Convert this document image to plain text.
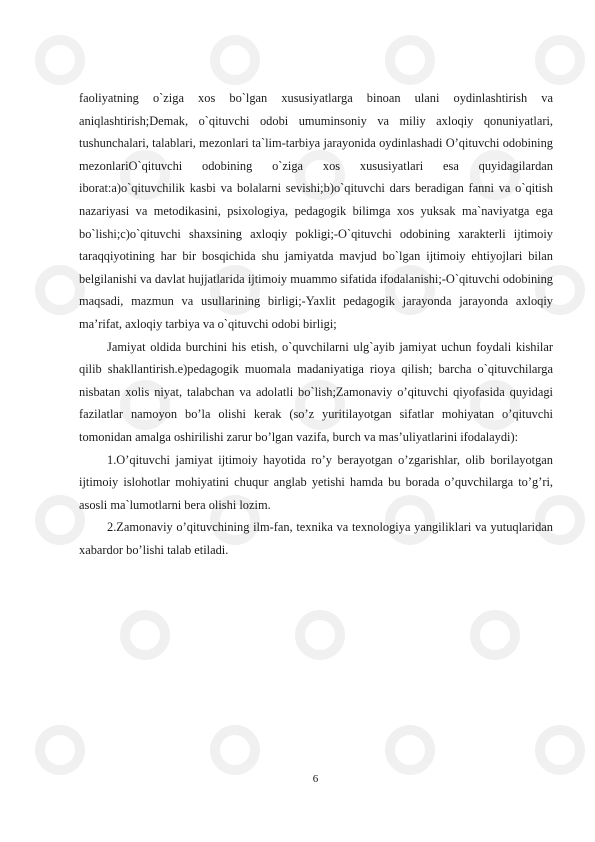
faoliyatning o`ziga xos bo`lgan xususiyatlarga binoan ulani oydinlashtirish va aniqlashtirish;Demak, o`qituvchi odobi umuminsoniy va miliy axloqiy qonuniyatlari, tushunchalari, talablari, mezonlari ta`lim-tarbiya jarayonida oydinlashadi O’qituvchi odobining mezonlariO`qituvchi odobining o`ziga xos xususiyatlari esa quyidagilardan iborat:a)o`qituvchilik kasbi va bolalarni sevishi;b)o`qituvchi dars beradigan fanni va o`qitish nazariyasi va metodikasini, psixologiya, pedagogik bilimga xos yuksak ma`naviyatga ega bo`lishi;c)o`qituvchi shaxsining axloqiy pokligi;-O`qituvchi odobining xarakterli ijtimoiy taraqqiyotining har bir bosqichida shu jamiyatda mavjud bo`lgan ijtimoiy ehtiyojlari bilan belgilanishi va davlat hujjatlarida ijtimoiy muammo sifatida ifodalanishi;-O`qituvchi odobining maqsadi, mazmun va usullarining birligi;-Yaxlit pedagogik jarayonda jarayonda axloqiy ma’rifat, axloqiy tarbiya va o`qituvchi odobi birligi;

Jamiyat oldida burchini his etish, o`quvchilarni ulg`ayib jamiyat uchun foydali kishilar qilib shakllantirish.e)pedagogik muomala madaniyatiga rioya qilish; barcha o`qituvchilarga nisbatan xolis niyat, talabchan va adolatli bo`lish;Zamonaviy o’qituvchi qiyofasida quyidagi fazilatlar namoyon bo’la olishi kerak (so’z yuritilayotgan sifatlar mohiyatan o’qituvchi tomonidan amalga oshirilishi zarur bo’lgan vazifa, burch va mas’uliyatlarini ifodalaydi):

1.O’qituvchi jamiyat ijtimoiy hayotida ro’y berayotgan o’zgarishlar, olib borilayotgan ijtimoiy islohotlar mohiyatini chuqur anglab yetishi hamda bu borada o’quvchilarga to’g’ri, asosli ma`lumotlarni bera olishi lozim.

2.Zamonaviy o’qituvchining ilm-fan, texnika va texnologiya yangiliklari va yutuqlaridan xabardor bo’lishi talab etiladi.

6
